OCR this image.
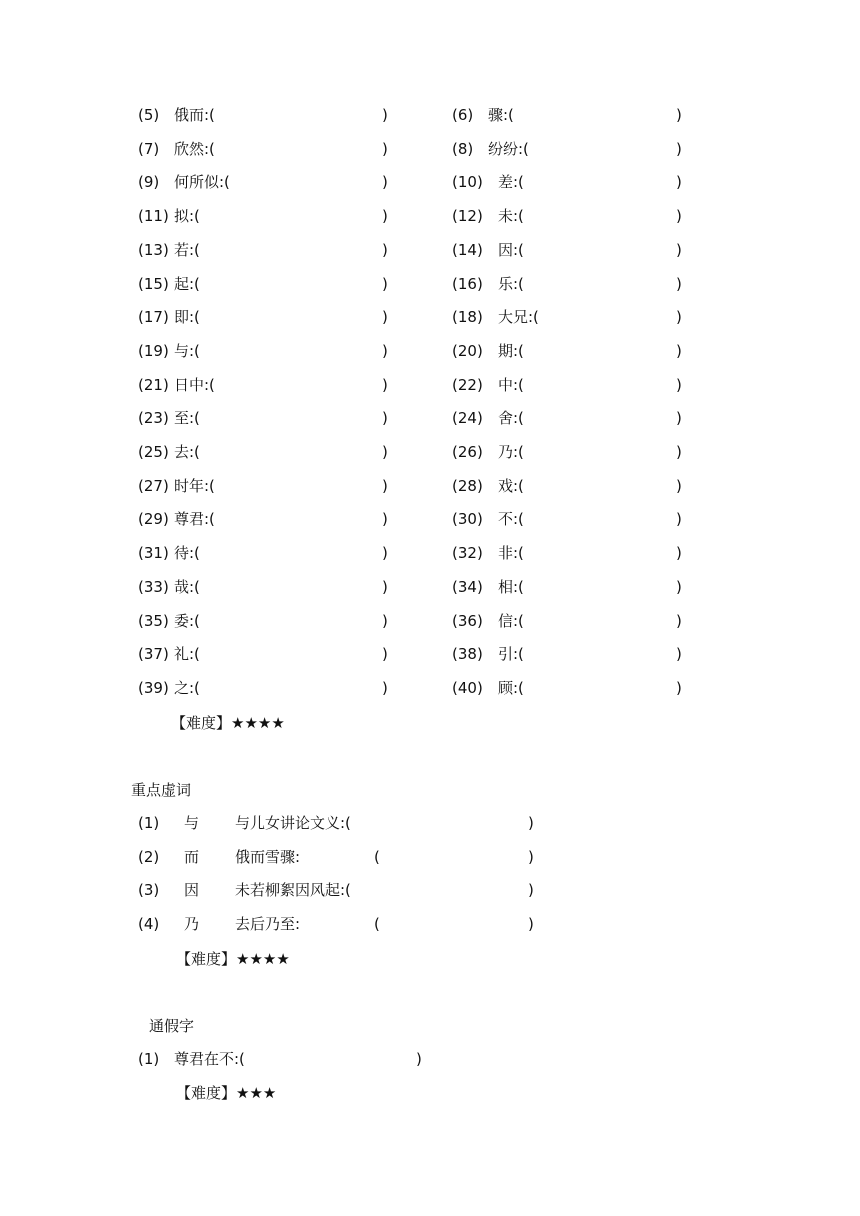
(5) 俄而:(	)	(6) 骤:(	)
(7) 欣然:(	)	(8) 纷纷:(	)
(9) 何所似:(	)	(10) 差:(	)
(11) 拟:(	)	(12) 未:(	)
(13) 若:(	)	(14) 因:(	)
(15) 起:(	)	(16) 乐:(	)
(17) 即:(	)	(18) 大兄:(	)
(19) 与:(	)	(20) 期:(	)
(21) 日中:(	)	(22) 中:(	)
(23) 至:(	)	(24) 舍:(	)
(25) 去:(	)	(26) 乃:(	)
(27) 时年:(	)	(28) 戏:(	)
(29) 尊君:(	)	(30) 不:(	)
(31) 待:(	)	(32) 非:(	)
(33) 哉:(	)	(34) 相:(	)
(35) 委:(	)	(36) 信:(	)
(37) 礼:(	)	(38) 引:(	)
(39) 之:(	)	(40) 顾:(	)
【难度】★★★★
重点虚词
(1) 与 与儿女讲论文义:(	)
(2) 而 俄而雪骤:	(	)
(3) 因 未若柳絮因风起:(	)
(4) 乃 去后乃至:	(	)
【难度】★★★★
通假字
(1) 尊君在不:(	)
【难度】★★★
